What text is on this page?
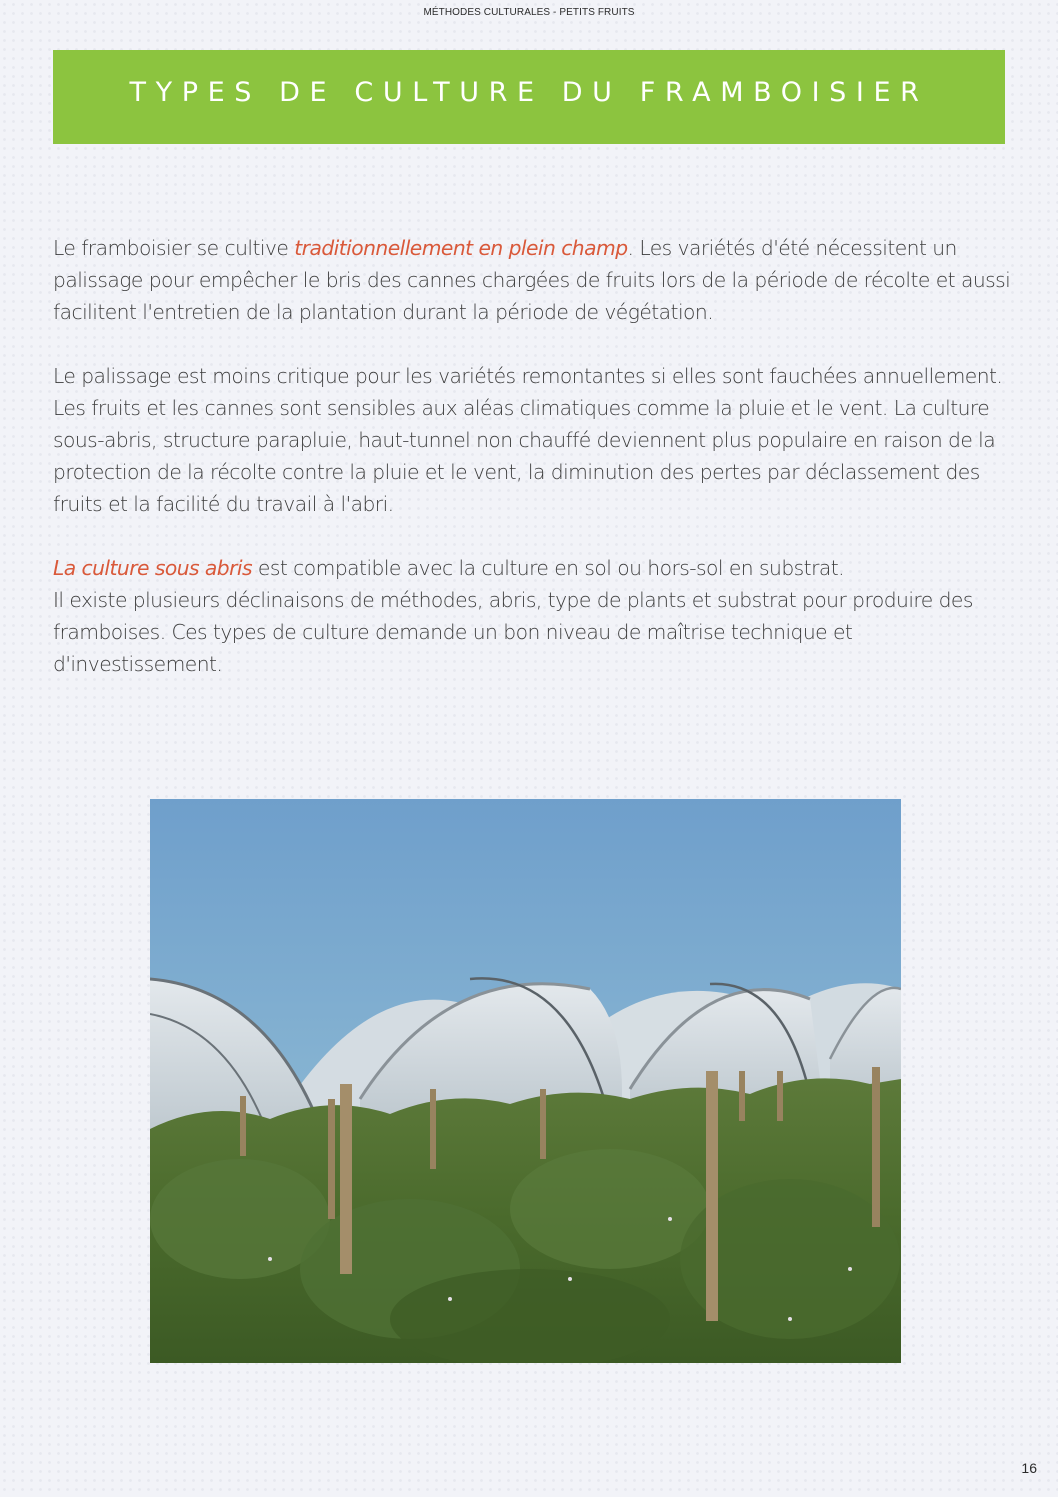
MÉTHODES CULTURALES - PETITS FRUITS
TYPES DE CULTURE DU FRAMBOISIER

Le framboisier se cultive traditionnellement en plein champ. Les variétés d'été nécessitent un palissage pour empêcher le bris des cannes chargées de fruits lors de la période de récolte et aussi facilitent l'entretien de la plantation durant la période de végétation.

Le palissage est moins critique pour les variétés remontantes si elles sont fauchées annuellement. Les fruits et les cannes sont sensibles aux aléas climatiques comme la pluie et le vent. La culture sous-abris, structure parapluie, haut-tunnel non chauffé deviennent plus populaire en raison de la protection de la récolte contre la pluie et le vent, la diminution des pertes par déclassement des fruits et la facilité du travail à l'abri.

La culture sous abris est compatible avec la culture en sol ou hors-sol en substrat.
Il existe plusieurs déclinaisons de méthodes, abris, type de plants et substrat pour produire des framboises. Ces types de culture demande un bon niveau de maîtrise technique et d'investissement.

16
